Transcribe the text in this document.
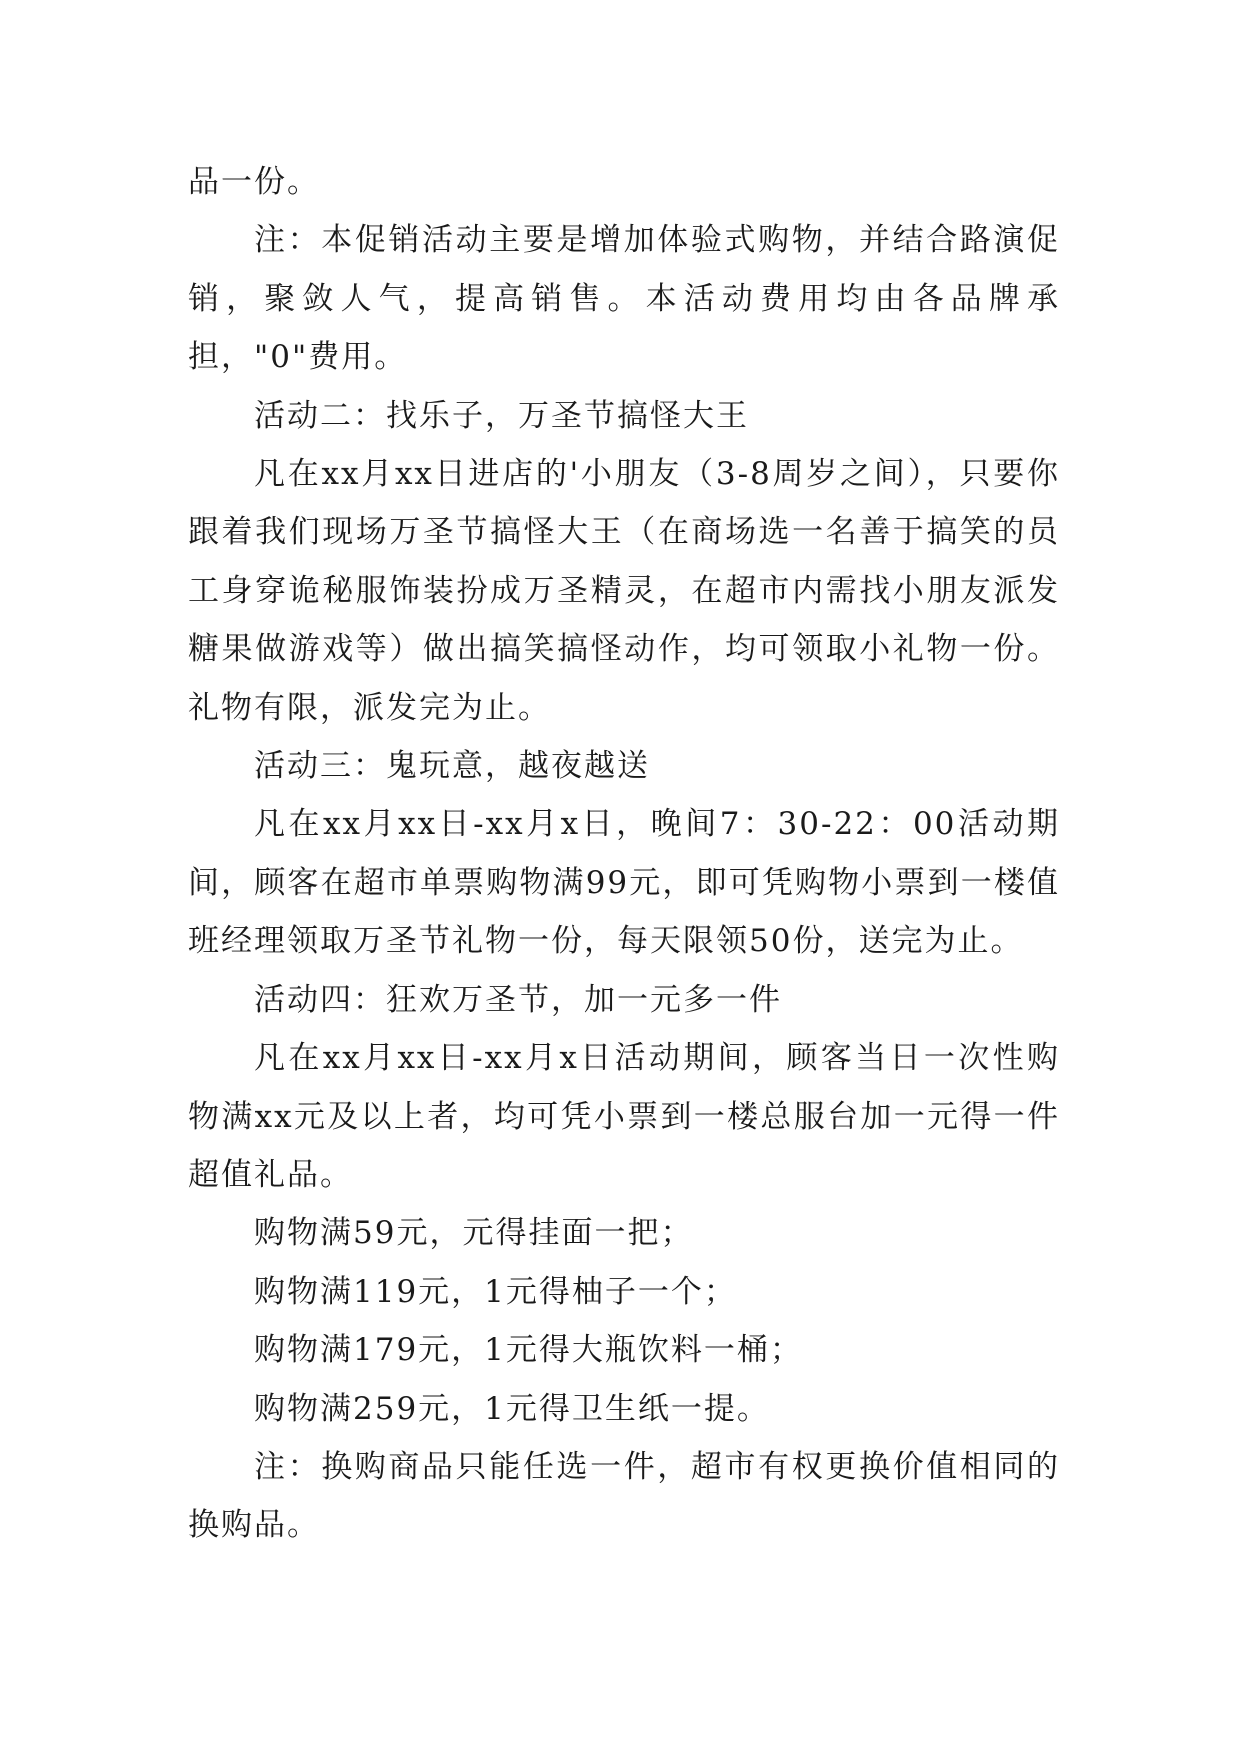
品一份。

注：本促销活动主要是增加体验式购物，并结合路演促销，聚敛人气，提高销售。本活动费用均由各品牌承担，"0"费用。

活动二：找乐子，万圣节搞怪大王

凡在xx月xx日进店的'小朋友（3-8周岁之间），只要你跟着我们现场万圣节搞怪大王（在商场选一名善于搞笑的员工身穿诡秘服饰装扮成万圣精灵，在超市内需找小朋友派发糖果做游戏等）做出搞笑搞怪动作，均可领取小礼物一份。礼物有限，派发完为止。

活动三：鬼玩意，越夜越送

凡在xx月xx日-xx月x日，晚间7：30-22：00活动期间，顾客在超市单票购物满99元，即可凭购物小票到一楼值班经理领取万圣节礼物一份，每天限领50份，送完为止。

活动四：狂欢万圣节，加一元多一件

凡在xx月xx日-xx月x日活动期间，顾客当日一次性购物满xx元及以上者，均可凭小票到一楼总服台加一元得一件超值礼品。

购物满59元，元得挂面一把；

购物满119元，1元得柚子一个；

购物满179元，1元得大瓶饮料一桶；

购物满259元，1元得卫生纸一提。

注：换购商品只能任选一件，超市有权更换价值相同的换购品。
